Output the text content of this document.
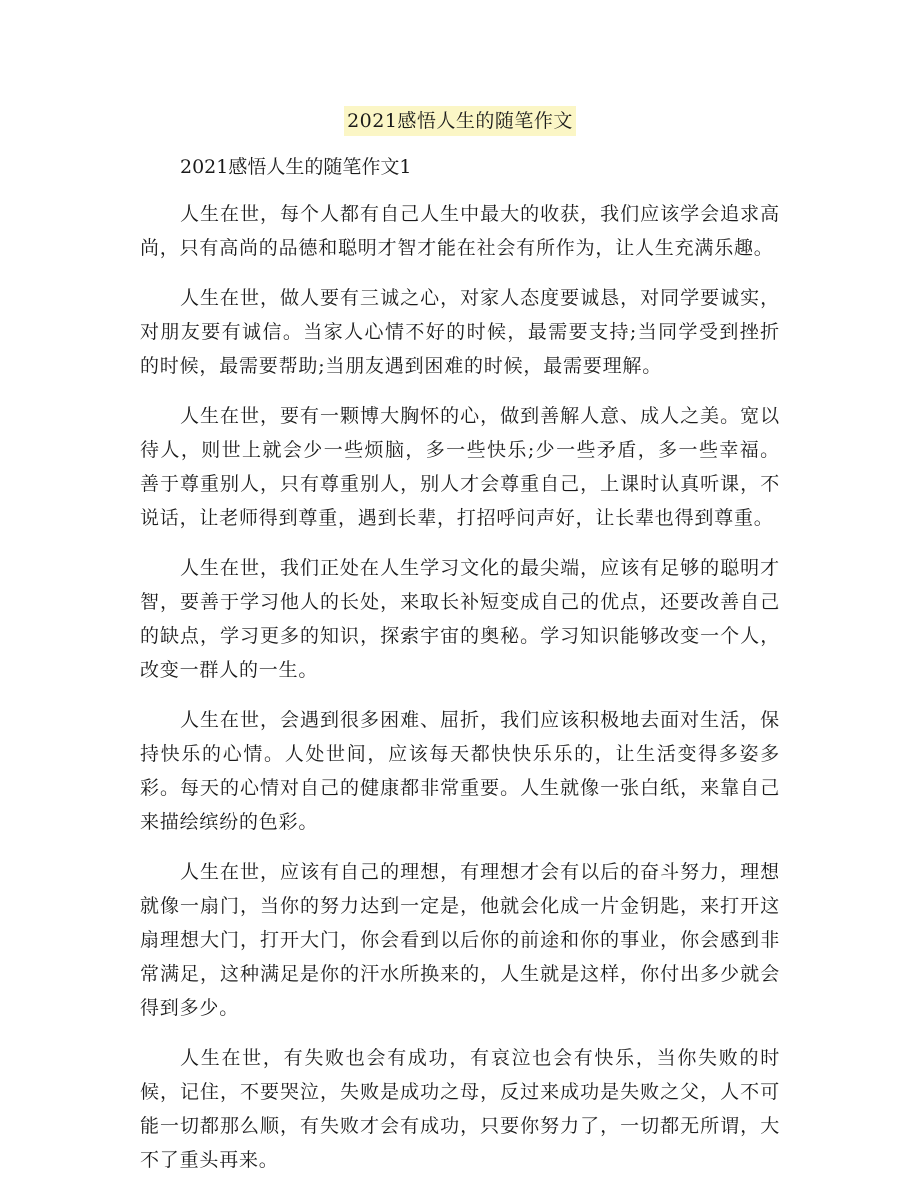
2021感悟人生的随笔作文

2021感悟人生的随笔作文1

人生在世，每个人都有自己人生中最大的收获，我们应该学会追求高尚，只有高尚的品德和聪明才智才能在社会有所作为，让人生充满乐趣。

人生在世，做人要有三诚之心，对家人态度要诚恳，对同学要诚实，对朋友要有诚信。当家人心情不好的时候，最需要支持;当同学受到挫折的时候，最需要帮助;当朋友遇到困难的时候，最需要理解。

人生在世，要有一颗博大胸怀的心，做到善解人意、成人之美。宽以待人，则世上就会少一些烦脑，多一些快乐;少一些矛盾，多一些幸福。善于尊重别人，只有尊重别人，别人才会尊重自己，上课时认真听课，不说话，让老师得到尊重，遇到长辈，打招呼问声好，让长辈也得到尊重。

人生在世，我们正处在人生学习文化的最尖端，应该有足够的聪明才智，要善于学习他人的长处，来取长补短变成自己的优点，还要改善自己的缺点，学习更多的知识，探索宇宙的奥秘。学习知识能够改变一个人，改变一群人的一生。

人生在世，会遇到很多困难、屈折，我们应该积极地去面对生活，保持快乐的心情。人处世间，应该每天都快快乐乐的，让生活变得多姿多彩。每天的心情对自己的健康都非常重要。人生就像一张白纸，来靠自己来描绘缤纷的色彩。

人生在世，应该有自己的理想，有理想才会有以后的奋斗努力，理想就像一扇门，当你的努力达到一定是，他就会化成一片金钥匙，来打开这扇理想大门，打开大门，你会看到以后你的前途和你的事业，你会感到非常满足，这种满足是你的汗水所换来的，人生就是这样，你付出多少就会得到多少。

人生在世，有失败也会有成功，有哀泣也会有快乐，当你失败的时候，记住，不要哭泣，失败是成功之母，反过来成功是失败之父，人不可能一切都那么顺，有失败才会有成功，只要你努力了，一切都无所谓，大不了重头再来。
